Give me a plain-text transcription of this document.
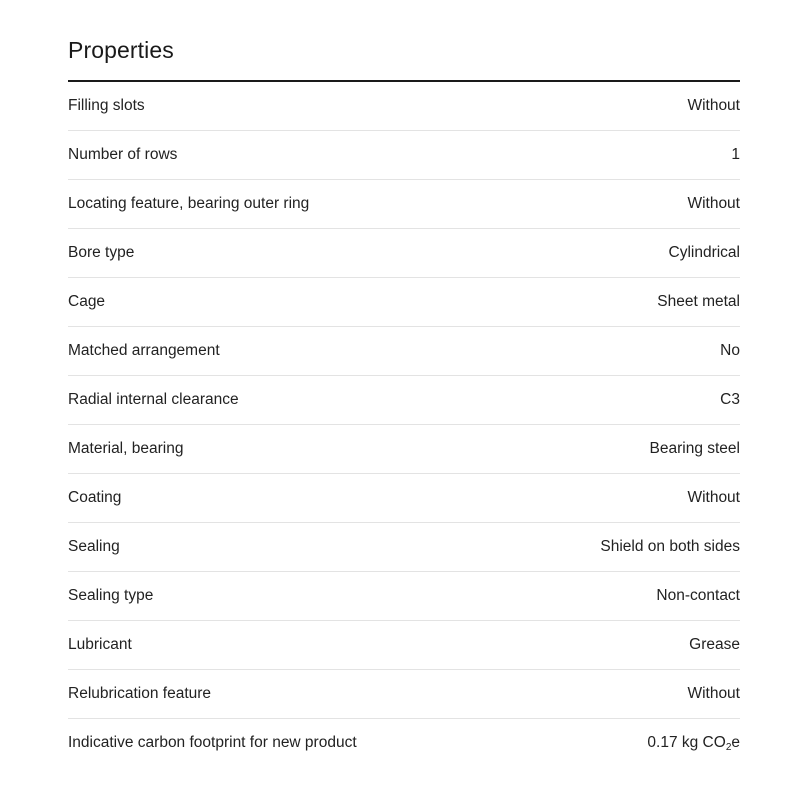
Properties
Filling slots	Without
Number of rows	1
Locating feature, bearing outer ring	Without
Bore type	Cylindrical
Cage	Sheet metal
Matched arrangement	No
Radial internal clearance	C3
Material, bearing	Bearing steel
Coating	Without
Sealing	Shield on both sides
Sealing type	Non-contact
Lubricant	Grease
Relubrication feature	Without
Indicative carbon footprint for new product	0.17 kg $CO_2e$
